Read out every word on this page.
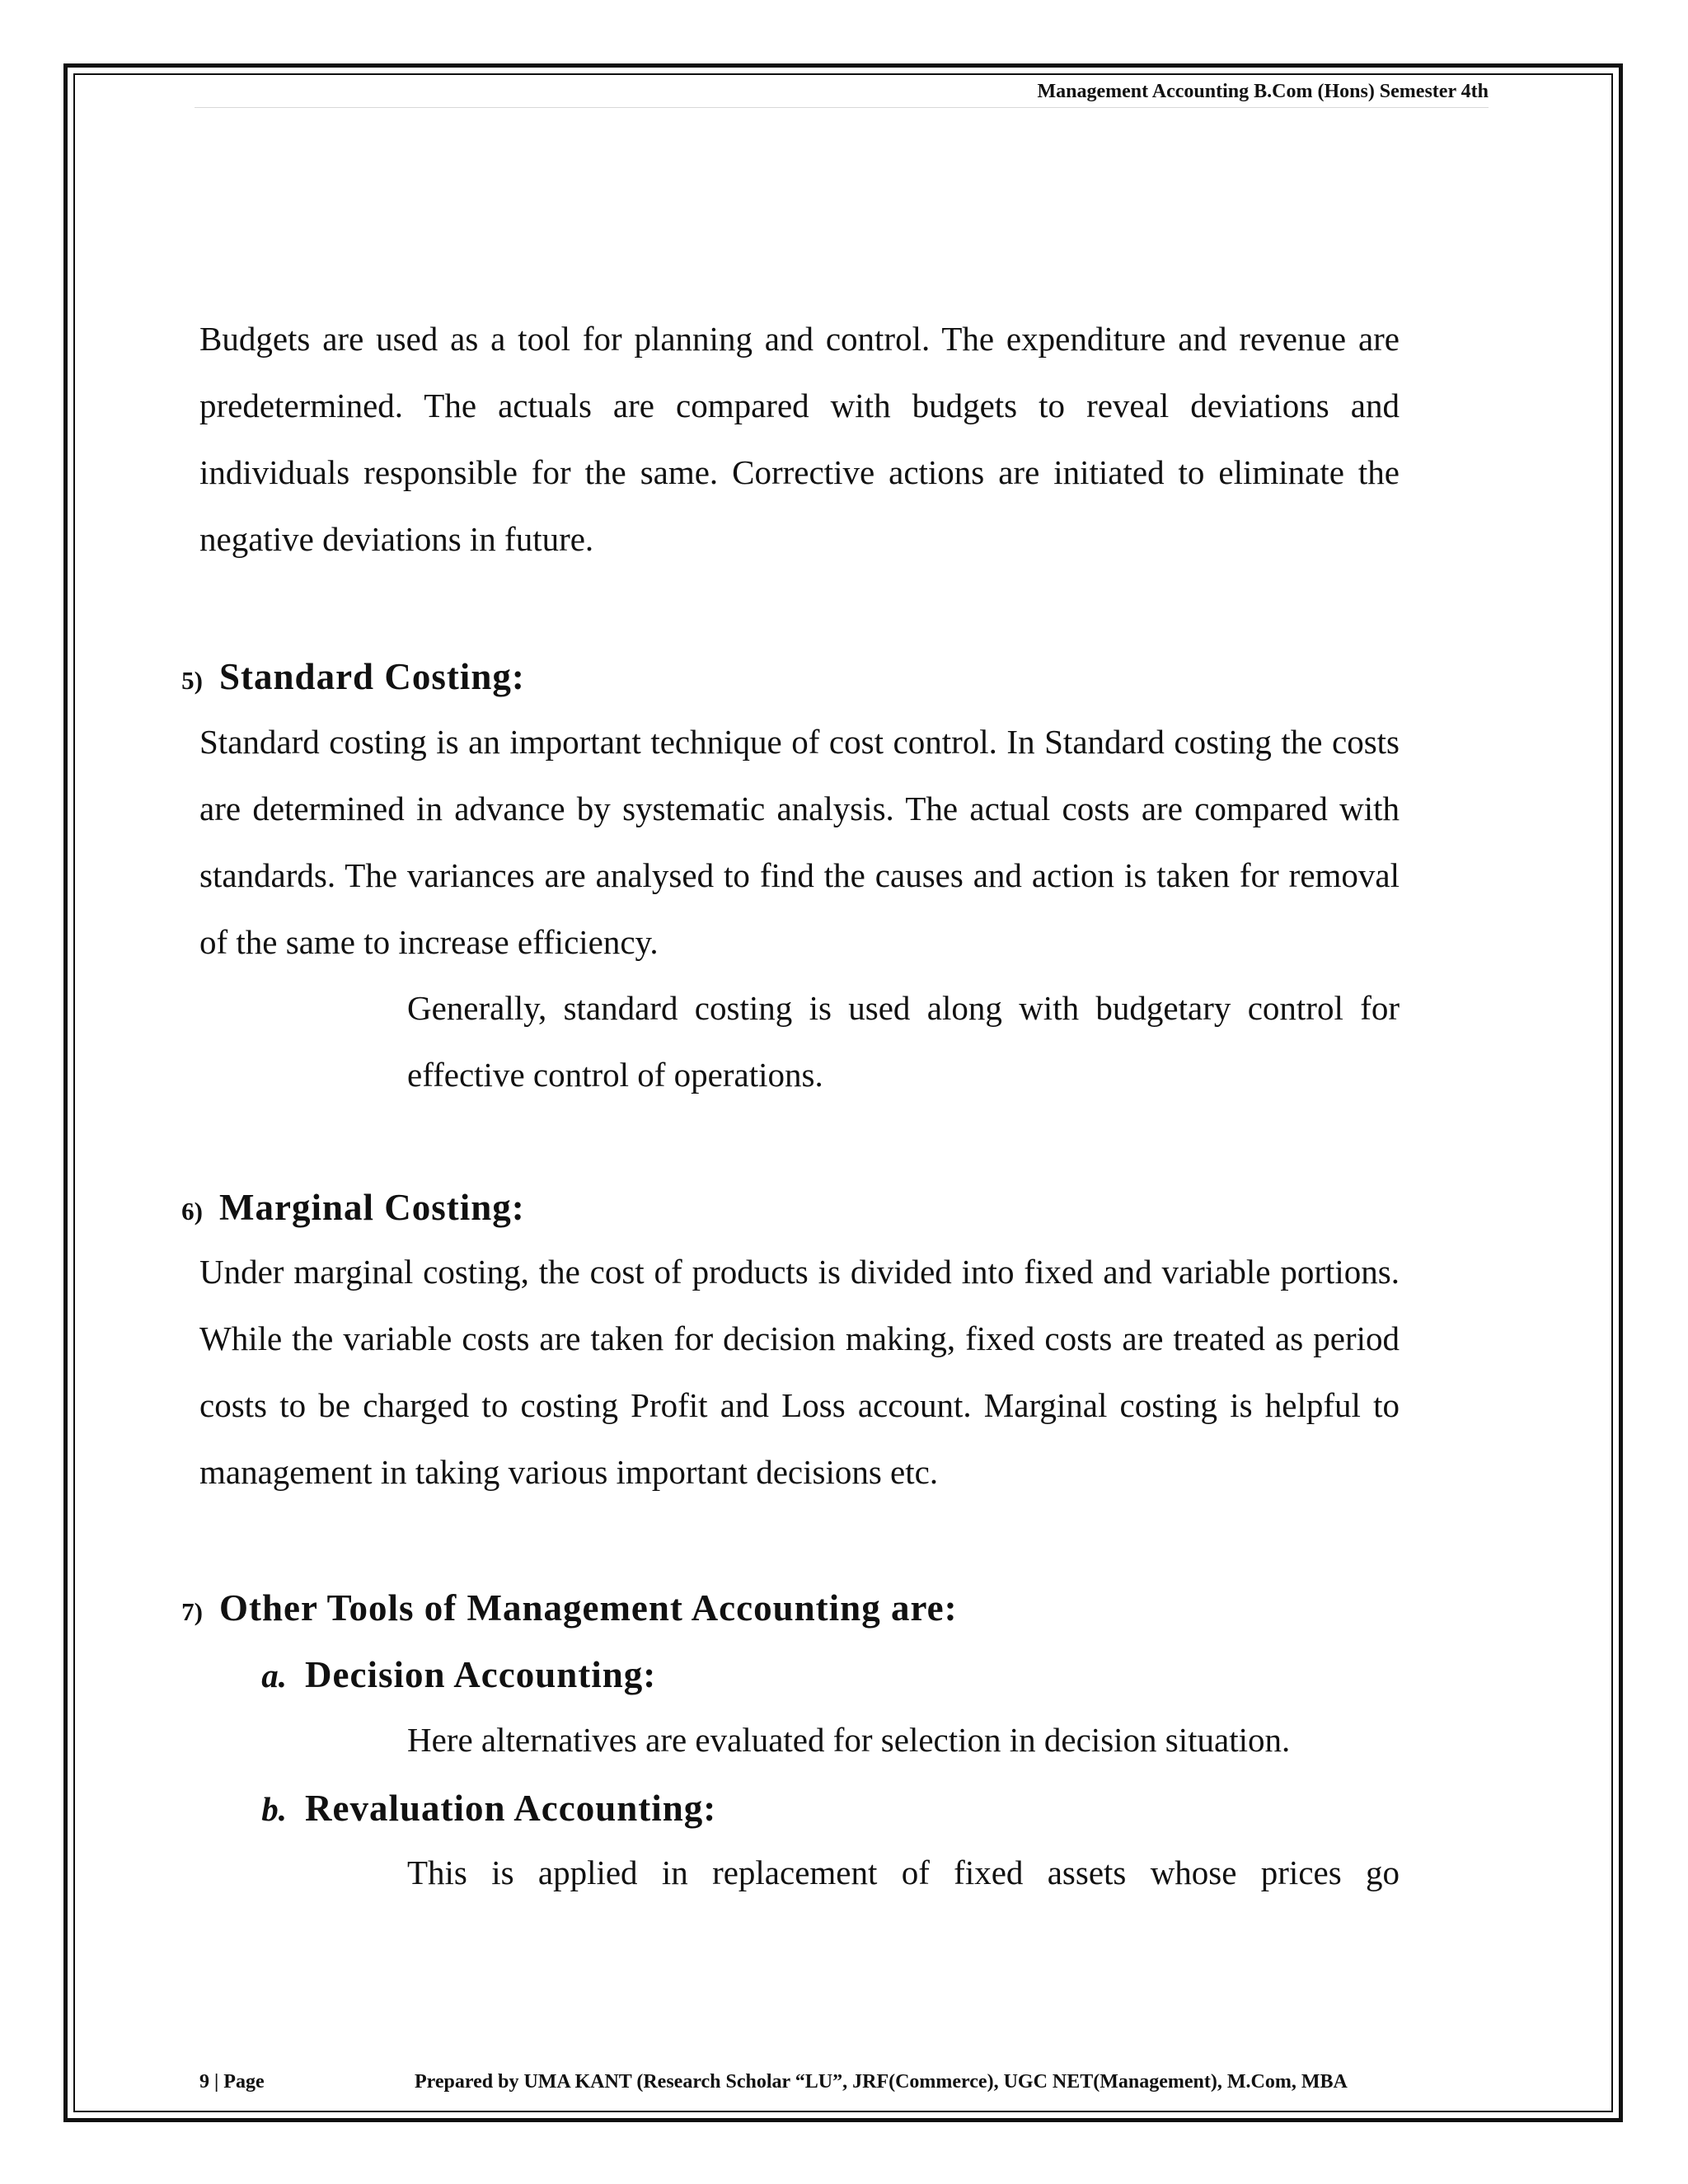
Management Accounting B.Com (Hons) Semester 4th

Budgets are used as a tool for planning and control. The expenditure and revenue are predetermined. The actuals are compared with budgets to reveal deviations and individuals responsible for the same. Corrective actions are initiated to eliminate the negative deviations in future.

5) Standard Costing:

Standard costing is an important technique of cost control. In Standard costing the costs are determined in advance by systematic analysis. The actual costs are compared with standards. The variances are analysed to find the causes and action is taken for removal of the same to increase efficiency.

Generally, standard costing is used along with budgetary control for effective control of operations.

6) Marginal Costing:

Under marginal costing, the cost of products is divided into fixed and variable portions. While the variable costs are taken for decision making, fixed costs are treated as period costs to be charged to costing Profit and Loss account. Marginal costing is helpful to management in taking various important decisions etc.

7) Other Tools of Management Accounting are:
a. Decision Accounting:

Here alternatives are evaluated for selection in decision situation.

b. Revaluation Accounting:

This is applied in replacement of fixed assets whose prices go

9 | Page	Prepared by UMA KANT (Research Scholar “LU”, JRF(Commerce), UGC NET(Management), M.Com, MBA
